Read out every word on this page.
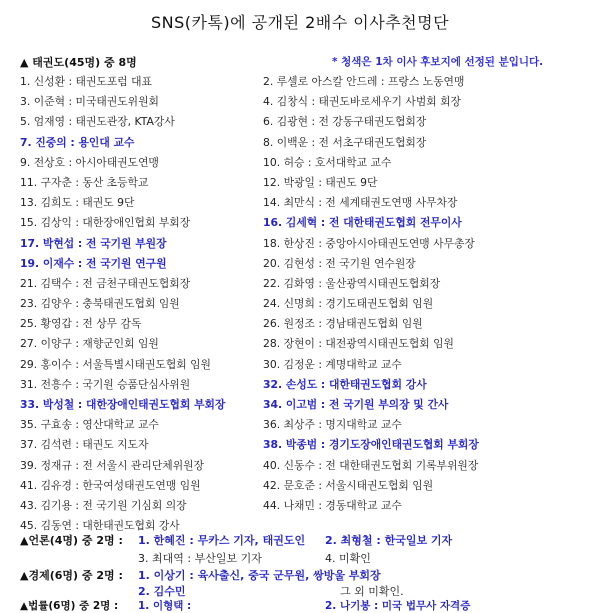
SNS(카톡)에 공개된 2배수 이사추천명단
▲ 태권도(45명) 중 8명	* 청색은 1차 이사 후보지에 선정된 분입니다.
1. 신성환 : 태권도포럼 대표	2. 루셀로 아스칼 안드레 : 프랑스 노동연맹
3. 이준혁 : 미국태권도위원회	4. 김창식 : 태권도바로세우기 사범회 회장
5. 엄재영 : 태권도관장, KTA강사	6. 김광현 : 전 강동구태권도협회장
7. 진중의 : 용인대 교수	8. 이백운 : 전 서초구태권도협회장
9. 전상호 : 아시아태권도연맹	10. 허승 : 호서대학교 교수
11. 구자춘 : 동산 초등학교	12. 박광일 : 태권도 9단
13. 김희도 : 태권도 9단	14. 최만식 : 전 세계태권도연맹 사무차장
15. 김상익 : 대한장애인협회 부회장	16. 김세혁 : 전 대한태권도협회 전무이사
17. 박현섭 : 전 국기원 부원장	18. 한상진 : 중앙아시아태권도연맹 사무총장
19. 이재수 : 전 국기원 연구원	20. 김현성 : 전 국기원 연수원장
21. 김택수 : 전 금천구태권도협회장	22. 김화영 : 울산광역시태권도협회장
23. 김양우 : 충북태권도협회 임원	24. 신명희 : 경기도태권도협회 임원
25. 황영갑 : 전 상무 감독	26. 원정조 : 경남태권도협회 임원
27. 이양구 : 재향군인회 임원	28. 장현이 : 대전광역시태권도협회 임원
29. 홍이수 : 서울특별시태권도협회 임원	30. 김정운 : 계명대학교 교수
31. 전흥수 : 국기원 승품단심사위원	32. 손성도 : 대한태권도협회 강사
33. 박성철 : 대한장애인태권도협회 부회장	34. 이고범 : 전 국기원 부의장 및 간사
35. 구효송 : 영산대학교 교수	36. 최상주 : 명지대학교 교수
37. 김석련 : 태권도 지도자	38. 박종범 : 경기도장애인태권도협회 부회장
39. 정재규 : 전 서울시 관리단체위원장	40. 신동수 : 전 대한태권도협회 기록부위원장
41. 김유경 : 한국여성태권도연맹 임원	42. 문호준 : 서울시태권도협회 임원
43. 김기용 : 전 국기원 기심회 의장	44. 나채민 : 경동대학교 교수
45. 김동연 : 대한태권도협회 강사
▲언론(4명) 중 2명 : 1. 한혜진 : 무카스 기자, 태권도인 2. 최형철 : 한국일보 기자
3. 최대역 : 부산일보 기자	4. 미확인
▲경제(6명) 중 2명 : 1. 이상기 : 육사출신, 중국 군무원, 쌍방울 부회장
2. 김수민	그 외 미확인.
▲법률(6명) 중 2명 : 1. 이형택 :	2. 나기봉 : 미국 법무사 자격증
